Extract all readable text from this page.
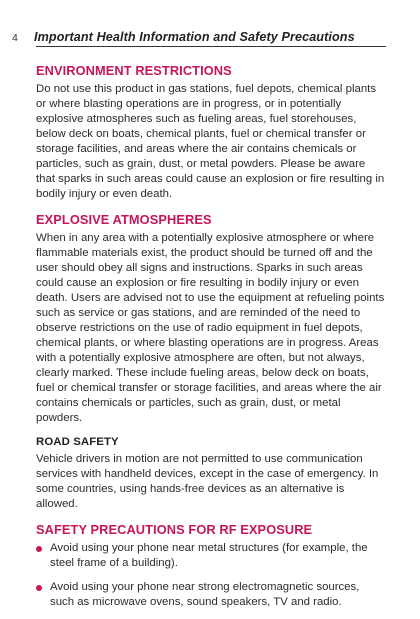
4	Important Health Information and Safety Precautions
ENVIRONMENT RESTRICTIONS

Do not use this product in gas stations, fuel depots, chemical plants or where blasting operations are in progress, or in potentially explosive atmospheres such as fueling areas, fuel storehouses, below deck on boats, chemical plants, fuel or chemical transfer or storage facilities, and areas where the air contains chemicals or particles, such as grain, dust, or metal powders. Please be aware that sparks in such areas could cause an explosion or fire resulting in bodily injury or even death.

EXPLOSIVE ATMOSPHERES

When in any area with a potentially explosive atmosphere or where flammable materials exist, the product should be turned off and the user should obey all signs and instructions. Sparks in such areas could cause an explosion or fire resulting in bodily injury or even death. Users are advised not to use the equipment at refueling points such as service or gas stations, and are reminded of the need to observe restrictions on the use of radio equipment in fuel depots, chemical plants, or where blasting operations are in progress. Areas with a potentially explosive atmosphere are often, but not always, clearly marked. These include fueling areas, below deck on boats, fuel or chemical transfer or storage facilities, and areas where the air contains chemicals or particles, such as grain, dust, or metal powders.

ROAD SAFETY

Vehicle drivers in motion are not permitted to use communication services with handheld devices, except in the case of emergency. In some countries, using hands-free devices as an alternative is allowed.

SAFETY PRECAUTIONS FOR RF EXPOSURE
Avoid using your phone near metal structures (for example, the steel frame of a building).
Avoid using your phone near strong electromagnetic sources, such as microwave ovens, sound speakers, TV and radio.
